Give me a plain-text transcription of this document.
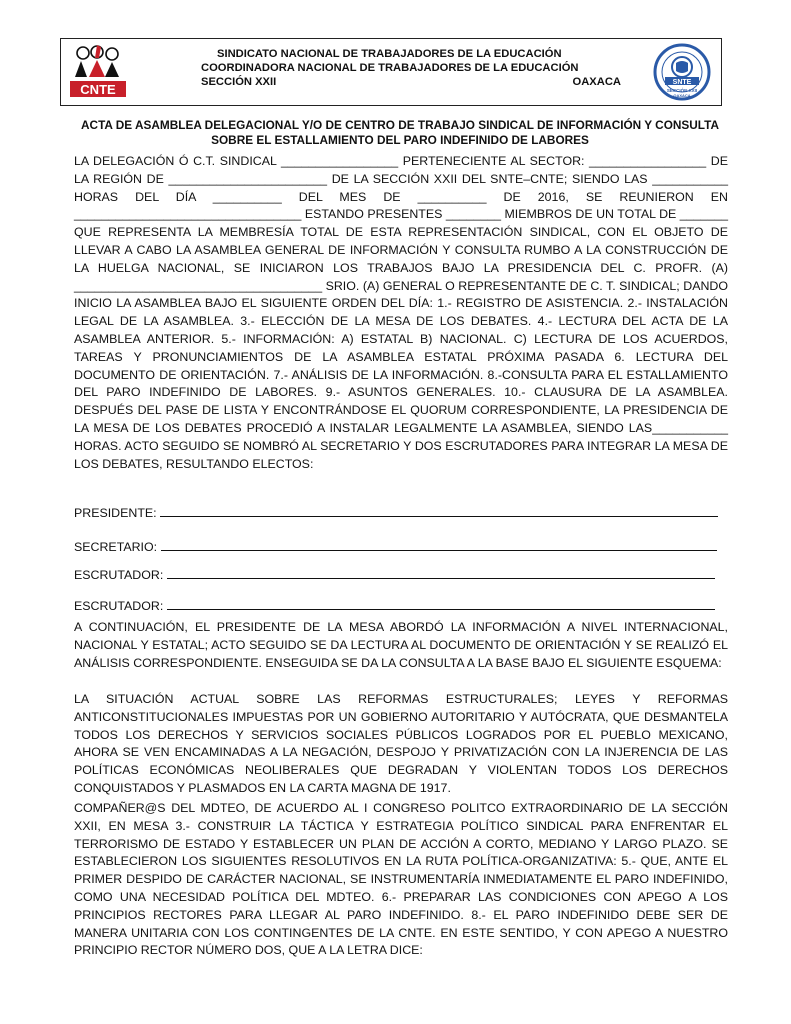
CNTE
SINDICATO NACIONAL DE TRABAJADORES DE LA EDUCACIÓN
COORDINADORA NACIONAL DE TRABAJADORES DE LA EDUCACIÓN
SECCIÓN XXII	OAXACA	SNTE
SECCIÓN XXII
OAXACA
ACTA DE ASAMBLEA DELEGACIONAL Y/O DE CENTRO DE TRABAJO SINDICAL DE INFORMACIÓN Y CONSULTA SOBRE EL ESTALLAMIENTO DEL PARO INDEFINIDO DE LABORES
LA DELEGACIÓN Ó C.T. SINDICAL _________________ PERTENECIENTE AL SECTOR: _________________ DE LA REGIÓN DE _______________________ DE LA SECCIÓN XXII DEL SNTE–CNTE; SIENDO LAS ___________ HORAS DEL DÍA __________ DEL MES DE __________ DE 2016, SE REUNIERON EN _________________________________ ESTANDO PRESENTES ________ MIEMBROS DE UN TOTAL DE _______ QUE REPRESENTA LA MEMBRESÍA TOTAL DE ESTA REPRESENTACIÓN SINDICAL, CON EL OBJETO DE LLEVAR A CABO LA ASAMBLEA GENERAL DE INFORMACIÓN Y CONSULTA RUMBO A LA CONSTRUCCIÓN DE LA HUELGA NACIONAL, SE INICIARON LOS TRABAJOS BAJO LA PRESIDENCIA DEL C. PROFR. (A) ____________________________________ SRIO. (A) GENERAL O REPRESENTANTE DE C. T. SINDICAL; DANDO INICIO LA ASAMBLEA BAJO EL SIGUIENTE ORDEN DEL DÍA: 1.- REGISTRO DE ASISTENCIA. 2.- INSTALACIÓN LEGAL DE LA ASAMBLEA. 3.- ELECCIÓN DE LA MESA DE LOS DEBATES. 4.- LECTURA DEL ACTA DE LA ASAMBLEA ANTERIOR. 5.- INFORMACIÓN: A) ESTATAL B) NACIONAL. C) LECTURA DE LOS ACUERDOS, TAREAS Y PRONUNCIAMIENTOS DE LA ASAMBLEA ESTATAL PRÓXIMA PASADA 6. LECTURA DEL DOCUMENTO DE ORIENTACIÓN. 7.- ANÁLISIS DE LA INFORMACIÓN. 8.-CONSULTA PARA EL ESTALLAMIENTO DEL PARO INDEFINIDO DE LABORES. 9.- ASUNTOS GENERALES. 10.- CLAUSURA DE LA ASAMBLEA. DESPUÉS DEL PASE DE LISTA Y ENCONTRÁNDOSE EL QUORUM CORRESPONDIENTE, LA PRESIDENCIA DE LA MESA DE LOS DEBATES PROCEDIÓ A INSTALAR LEGALMENTE LA ASAMBLEA, SIENDO LAS___________ HORAS. ACTO SEGUIDO SE NOMBRÓ AL SECRETARIO Y DOS ESCRUTADORES PARA INTEGRAR LA MESA DE LOS DEBATES, RESULTANDO ELECTOS:
PRESIDENTE:
SECRETARIO:
ESCRUTADOR:
ESCRUTADOR:
A CONTINUACIÓN, EL PRESIDENTE DE LA MESA ABORDÓ LA INFORMACIÓN A NIVEL INTERNACIONAL, NACIONAL Y ESTATAL; ACTO SEGUIDO SE DA LECTURA AL DOCUMENTO DE ORIENTACIÓN Y SE REALIZÓ EL ANÁLISIS CORRESPONDIENTE. ENSEGUIDA SE DA LA CONSULTA A LA BASE BAJO EL SIGUIENTE ESQUEMA:
LA SITUACIÓN ACTUAL SOBRE LAS REFORMAS ESTRUCTURALES; LEYES Y REFORMAS ANTICONSTITUCIONALES IMPUESTAS POR UN GOBIERNO AUTORITARIO Y AUTÓCRATA, QUE DESMANTELA TODOS LOS DERECHOS Y SERVICIOS SOCIALES PÚBLICOS LOGRADOS POR EL PUEBLO MEXICANO, AHORA SE VEN ENCAMINADAS A LA NEGACIÓN, DESPOJO Y PRIVATIZACIÓN CON LA INJERENCIA DE LAS POLÍTICAS ECONÓMICAS NEOLIBERALES QUE DEGRADAN Y VIOLENTAN TODOS LOS DERECHOS CONQUISTADOS Y PLASMADOS EN LA CARTA MAGNA DE 1917.
COMPAÑER@S DEL MDTEO, DE ACUERDO AL I CONGRESO POLITCO EXTRAORDINARIO DE LA SECCIÓN XXII, EN MESA 3.- CONSTRUIR LA TÁCTICA Y ESTRATEGIA POLÍTICO SINDICAL PARA ENFRENTAR EL TERRORISMO DE ESTADO Y ESTABLECER UN PLAN DE ACCIÓN A CORTO, MEDIANO Y LARGO PLAZO. SE ESTABLECIERON LOS SIGUIENTES RESOLUTIVOS EN LA RUTA POLÍTICA-ORGANIZATIVA: 5.- QUE, ANTE EL PRIMER DESPIDO DE CARÁCTER NACIONAL, SE INSTRUMENTARÍA INMEDIATAMENTE EL PARO INDEFINIDO, COMO UNA NECESIDAD POLÍTICA DEL MDTEO. 6.- PREPARAR LAS CONDICIONES CON APEGO A LOS PRINCIPIOS RECTORES PARA LLEGAR AL PARO INDEFINIDO. 8.- EL PARO INDEFINIDO DEBE SER DE MANERA UNITARIA CON LOS CONTINGENTES DE LA CNTE. EN ESTE SENTIDO, Y CON APEGO A NUESTRO PRINCIPIO RECTOR NÚMERO DOS, QUE A LA LETRA DICE:
